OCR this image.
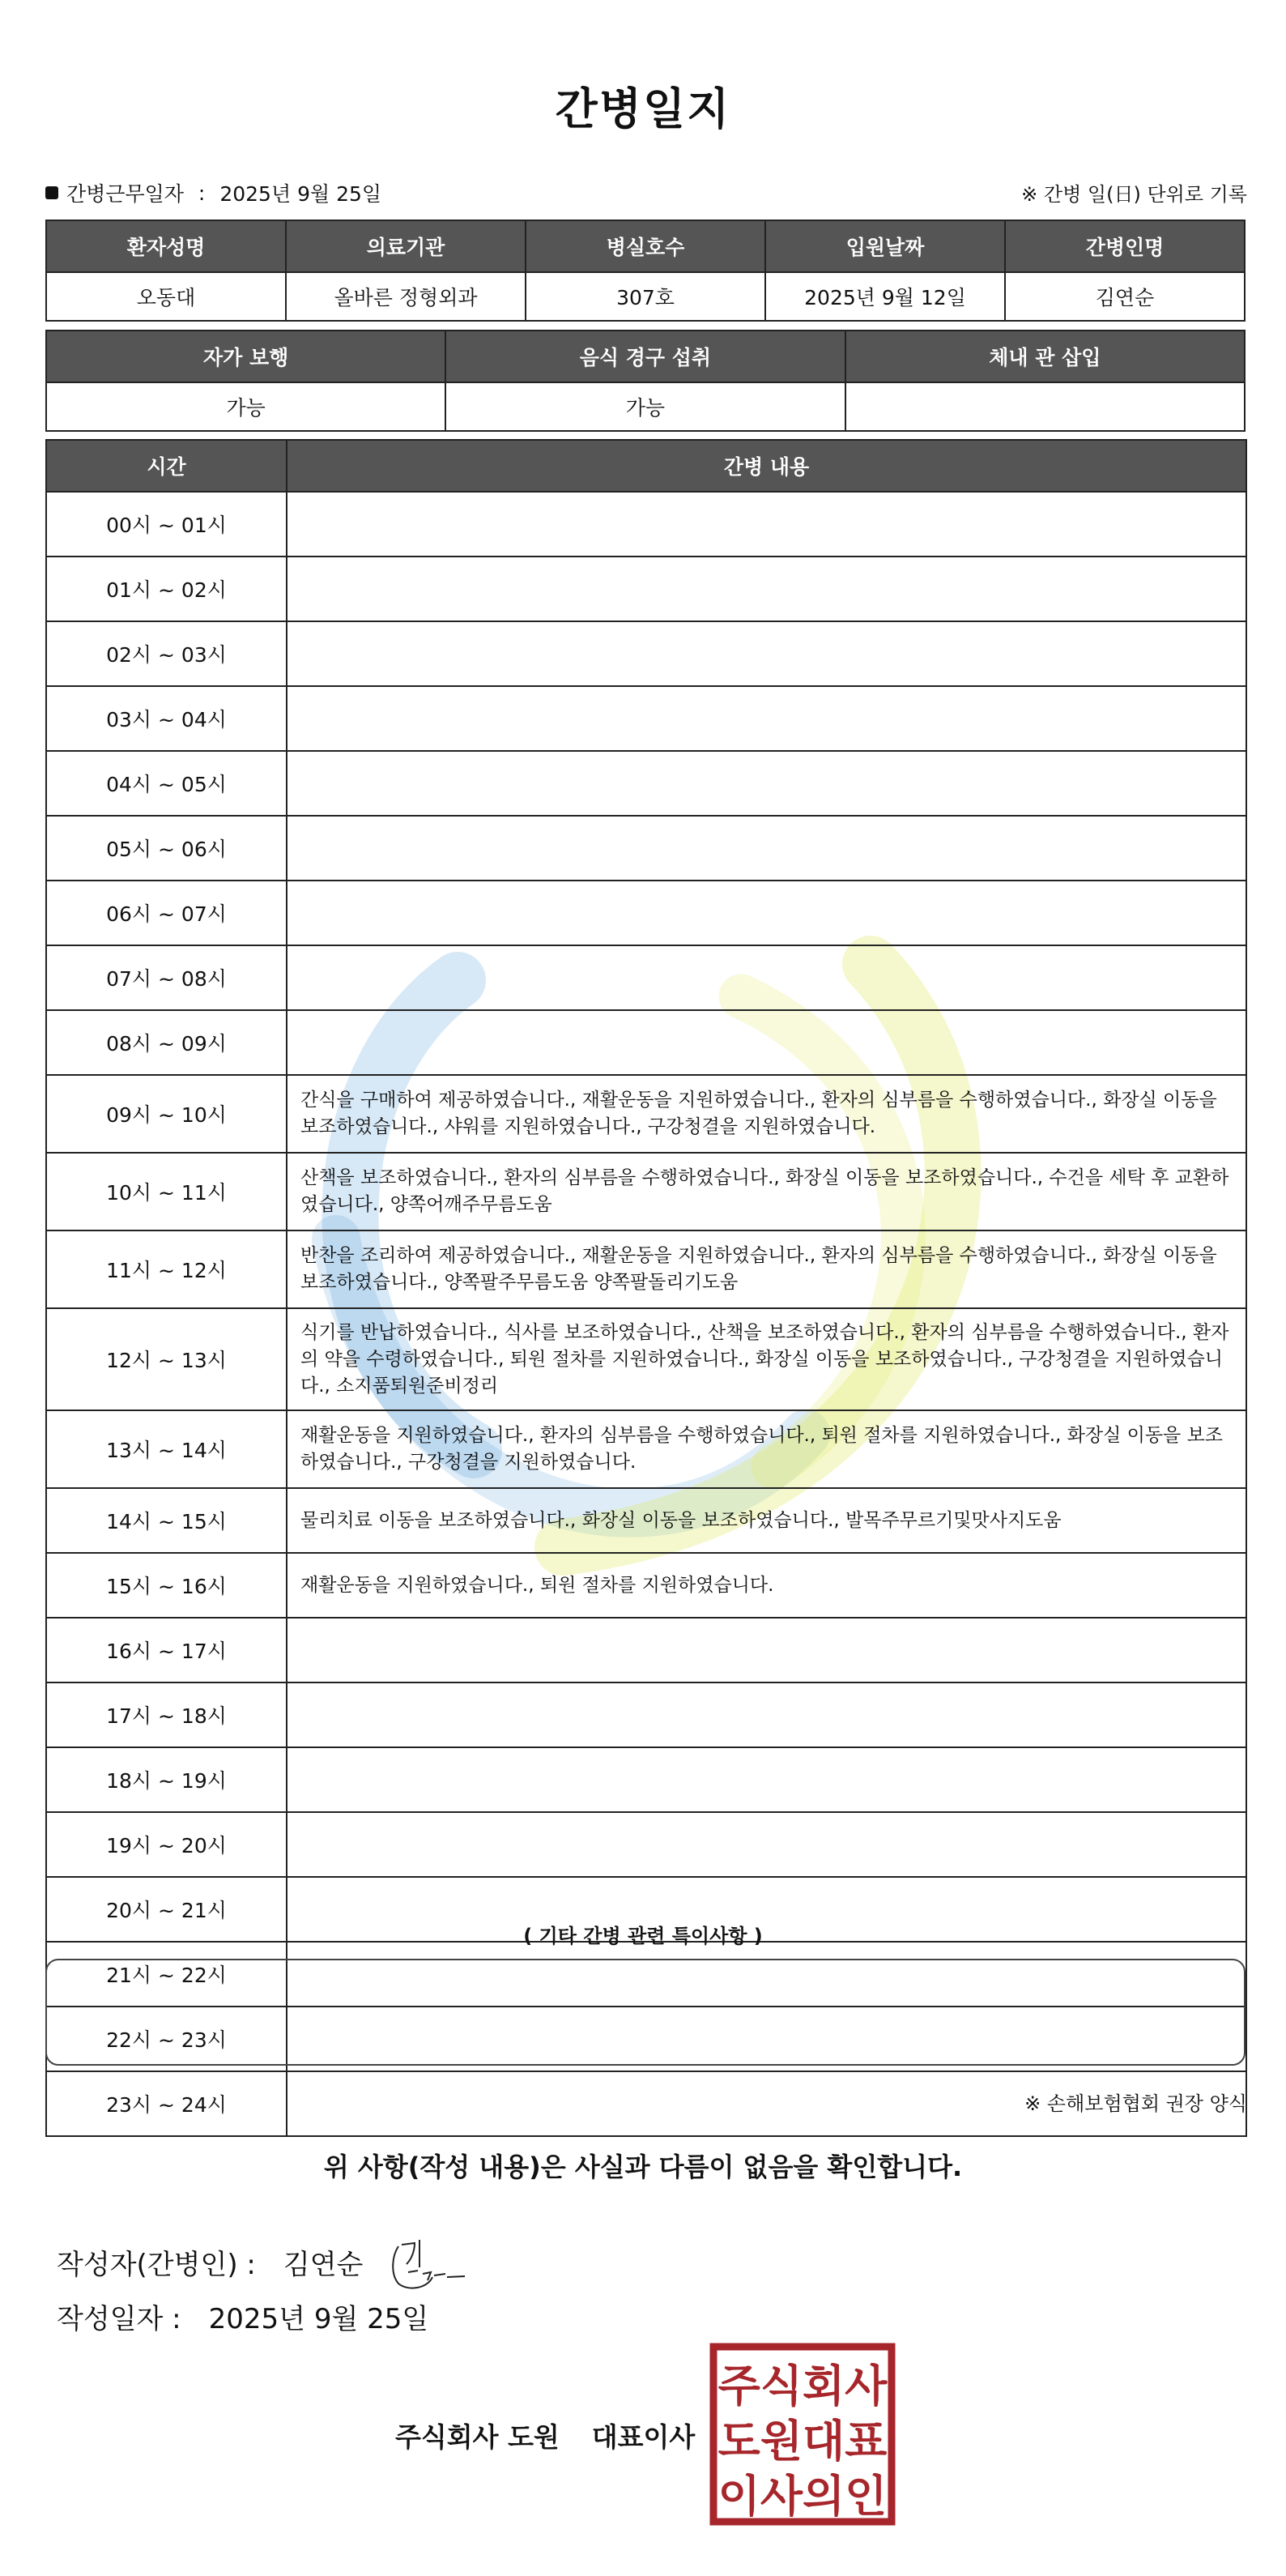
간병일지
간병근무일자 : 2025년 9월 25일	※ 간병 일(日) 단위로 기록
환자성명	의료기관	병실호수	입원날짜	간병인명
오동대	올바른 정형외과	307호	2025년 9월 12일	김연순
자가 보행	음식 경구 섭취	체내 관 삽입
가능	가능	
시간	간병 내용
00시 ~ 01시	
01시 ~ 02시	
02시 ~ 03시	
03시 ~ 04시	
04시 ~ 05시	
05시 ~ 06시	
06시 ~ 07시	
07시 ~ 08시	
08시 ~ 09시	
09시 ~ 10시	간식을 구매하여 제공하였습니다., 재활운동을 지원하였습니다., 환자의 심부름을 수행하였습니다., 화장실 이동을 보조하였습니다., 샤워를 지원하였습니다., 구강청결을 지원하였습니다.
10시 ~ 11시	산책을 보조하였습니다., 환자의 심부름을 수행하였습니다., 화장실 이동을 보조하였습니다., 수건을 세탁 후 교환하였습니다., 양쪽어깨주무름도움
11시 ~ 12시	반찬을 조리하여 제공하였습니다., 재활운동을 지원하였습니다., 환자의 심부름을 수행하였습니다., 화장실 이동을 보조하였습니다., 양쪽팔주무름도움 양쪽팔돌리기도움
12시 ~ 13시	식기를 반납하였습니다., 식사를 보조하였습니다., 산책을 보조하였습니다., 환자의 심부름을 수행하였습니다., 환자의 약을 수령하였습니다., 퇴원 절차를 지원하였습니다., 화장실 이동을 보조하였습니다., 구강청결을 지원하였습니다., 소지품퇴원준비정리
13시 ~ 14시	재활운동을 지원하였습니다., 환자의 심부름을 수행하였습니다., 퇴원 절차를 지원하였습니다., 화장실 이동을 보조하였습니다., 구강청결을 지원하였습니다.
14시 ~ 15시	물리치료 이동을 보조하였습니다., 화장실 이동을 보조하였습니다., 발목주무르기및맛사지도움
15시 ~ 16시	재활운동을 지원하였습니다., 퇴원 절차를 지원하였습니다.
16시 ~ 17시	
17시 ~ 18시	
18시 ~ 19시	
19시 ~ 20시	
20시 ~ 21시	
21시 ~ 22시	
22시 ~ 23시	
23시 ~ 24시	
( 기타 간병 관련 특이사항 )
※ 손해보험협회 권장 양식
위 사항(작성 내용)은 사실과 다름이 없음을 확인합니다.
작성자(간병인) : 김연순
작성일자 : 2025년 9월 25일
주식회사 도원 대표이사
주식회사
도원대표
이사의인
